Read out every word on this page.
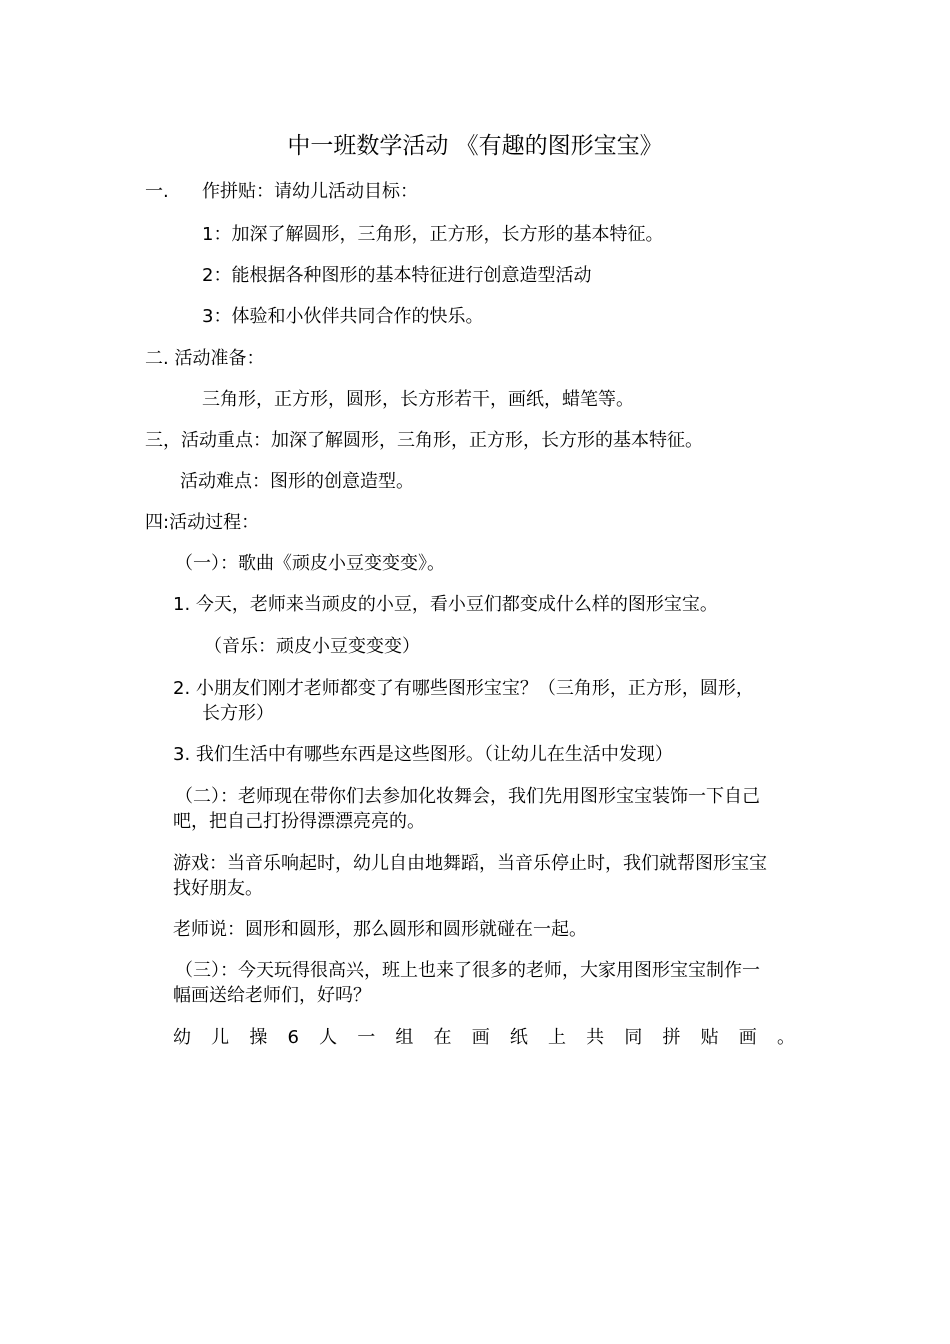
中一班数学活动 《有趣的图形宝宝》
一. 作拼贴：请幼儿活动目标：
1：加深了解圆形，三角形，正方形，长方形的基本特征。
2：能根据各种图形的基本特征进行创意造型活动
3：体验和小伙伴共同合作的快乐。
二. 活动准备：
三角形，正方形，圆形，长方形若干，画纸，蜡笔等。
三，活动重点：加深了解圆形，三角形，正方形，长方形的基本特征。
活动难点：图形的创意造型。
四:活动过程：
（一）：歌曲《顽皮小豆变变变》。
1. 今天，老师来当顽皮的小豆，看小豆们都变成什么样的图形宝宝。
（音乐：顽皮小豆变变变）
2. 小朋友们刚才老师都变了有哪些图形宝宝？（三角形，正方形，圆形，
长方形）
3. 我们生活中有哪些东西是这些图形。（让幼儿在生活中发现）
（二）：老师现在带你们去参加化妆舞会，我们先用图形宝宝装饰一下自己
吧，把自己打扮得漂漂亮亮的。
游戏：当音乐响起时，幼儿自由地舞蹈，当音乐停止时，我们就帮图形宝宝
找好朋友。
老师说：圆形和圆形，那么圆形和圆形就碰在一起。
（三）：今天玩得很高兴，班上也来了很多的老师，大家用图形宝宝制作一
幅画送给老师们，好吗？
幼 儿 操 6 人 一 组 在 画 纸 上 共 同 拼 贴 画 。
